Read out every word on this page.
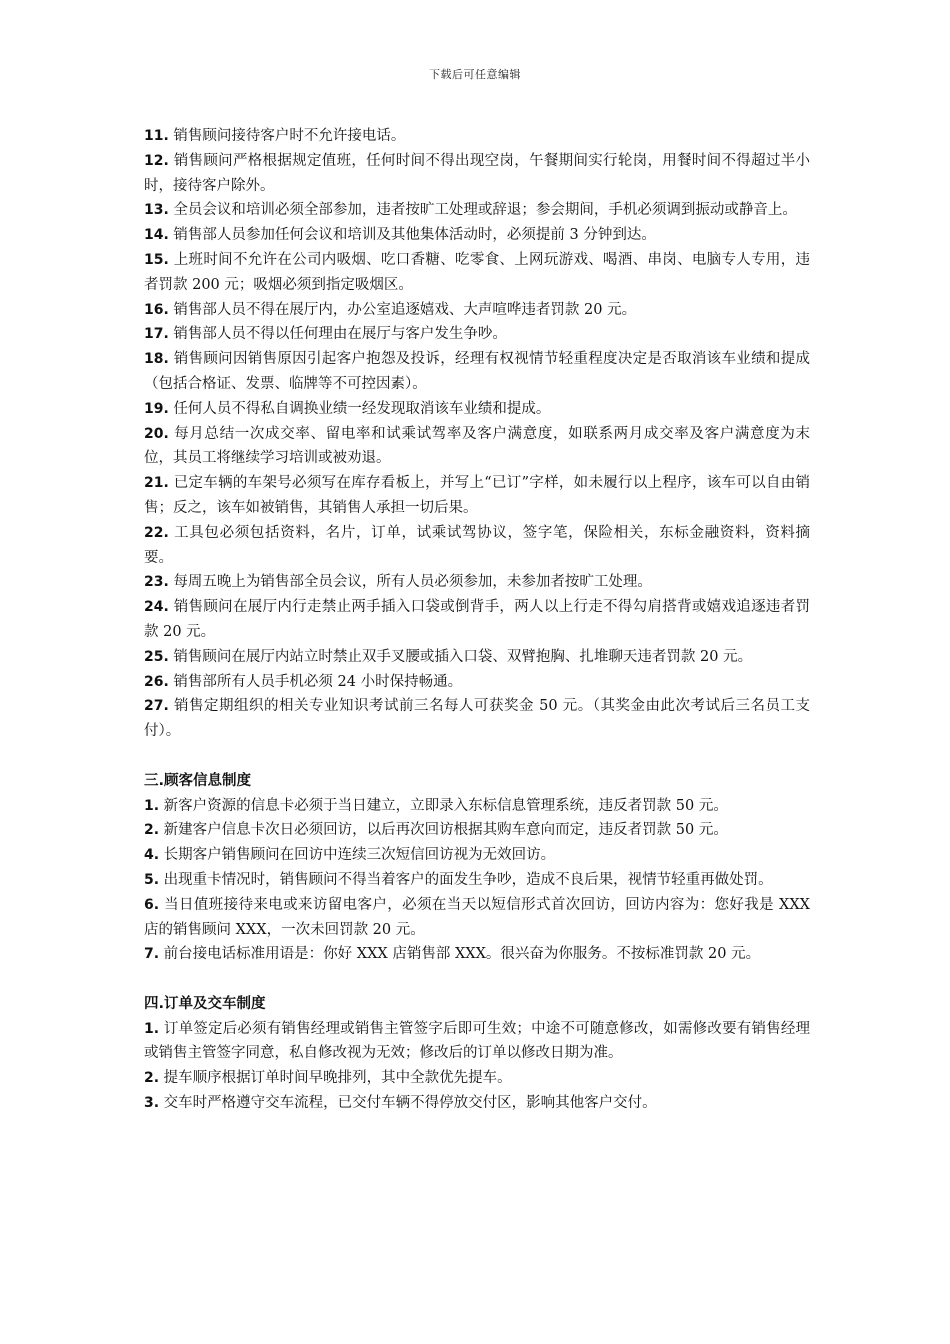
下载后可任意编辑

11. 销售顾问接待客户时不允许接电话。

12. 销售顾问严格根据规定值班，任何时间不得出现空岗，午餐期间实行轮岗，用餐时间不得超过半小时，接待客户除外。

13. 全员会议和培训必须全部参加，违者按旷工处理或辞退；参会期间，手机必须调到振动或静音上。

14. 销售部人员参加任何会议和培训及其他集体活动时，必须提前 3 分钟到达。

15. 上班时间不允许在公司内吸烟、吃口香糖、吃零食、上网玩游戏、喝酒、串岗、电脑专人专用，违者罚款 200 元；吸烟必须到指定吸烟区。

16. 销售部人员不得在展厅内，办公室追逐嬉戏、大声喧哗违者罚款 20 元。

17. 销售部人员不得以任何理由在展厅与客户发生争吵。

18. 销售顾问因销售原因引起客户抱怨及投诉，经理有权视情节轻重程度决定是否取消该车业绩和提成（包括合格证、发票、临牌等不可控因素）。

19. 任何人员不得私自调换业绩一经发现取消该车业绩和提成。

20. 每月总结一次成交率、留电率和试乘试驾率及客户满意度，如联系两月成交率及客户满意度为末位，其员工将继续学习培训或被劝退。

21. 已定车辆的车架号必须写在库存看板上，并写上“已订”字样，如未履行以上程序，该车可以自由销售；反之，该车如被销售，其销售人承担一切后果。

22. 工具包必须包括资料，名片，订单，试乘试驾协议，签字笔，保险相关，东标金融资料，资料摘要。

23. 每周五晚上为销售部全员会议，所有人员必须参加，未参加者按旷工处理。

24. 销售顾问在展厅内行走禁止两手插入口袋或倒背手，两人以上行走不得勾肩搭背或嬉戏追逐违者罚款 20 元。

25. 销售顾问在展厅内站立时禁止双手叉腰或插入口袋、双臂抱胸、扎堆聊天违者罚款 20 元。

26. 销售部所有人员手机必须 24 小时保持畅通。

27. 销售定期组织的相关专业知识考试前三名每人可获奖金 50 元。（其奖金由此次考试后三名员工支付）。

三.顾客信息制度

1. 新客户资源的信息卡必须于当日建立，立即录入东标信息管理系统，违反者罚款 50 元。

2. 新建客户信息卡次日必须回访，以后再次回访根据其购车意向而定，违反者罚款 50 元。

4. 长期客户销售顾问在回访中连续三次短信回访视为无效回访。

5. 出现重卡情况时，销售顾问不得当着客户的面发生争吵，造成不良后果，视情节轻重再做处罚。

6. 当日值班接待来电或来访留电客户，必须在当天以短信形式首次回访，回访内容为：您好我是 XXX 店的销售顾问 XXX，一次未回罚款 20 元。

7. 前台接电话标准用语是：你好 XXX 店销售部 XXX。很兴奋为你服务。不按标准罚款 20 元。

四.订单及交车制度

1. 订单签定后必须有销售经理或销售主管签字后即可生效；中途不可随意修改，如需修改要有销售经理或销售主管签字同意，私自修改视为无效；修改后的订单以修改日期为准。

2. 提车顺序根据订单时间早晚排列，其中全款优先提车。

3. 交车时严格遵守交车流程，已交付车辆不得停放交付区，影响其他客户交付。
